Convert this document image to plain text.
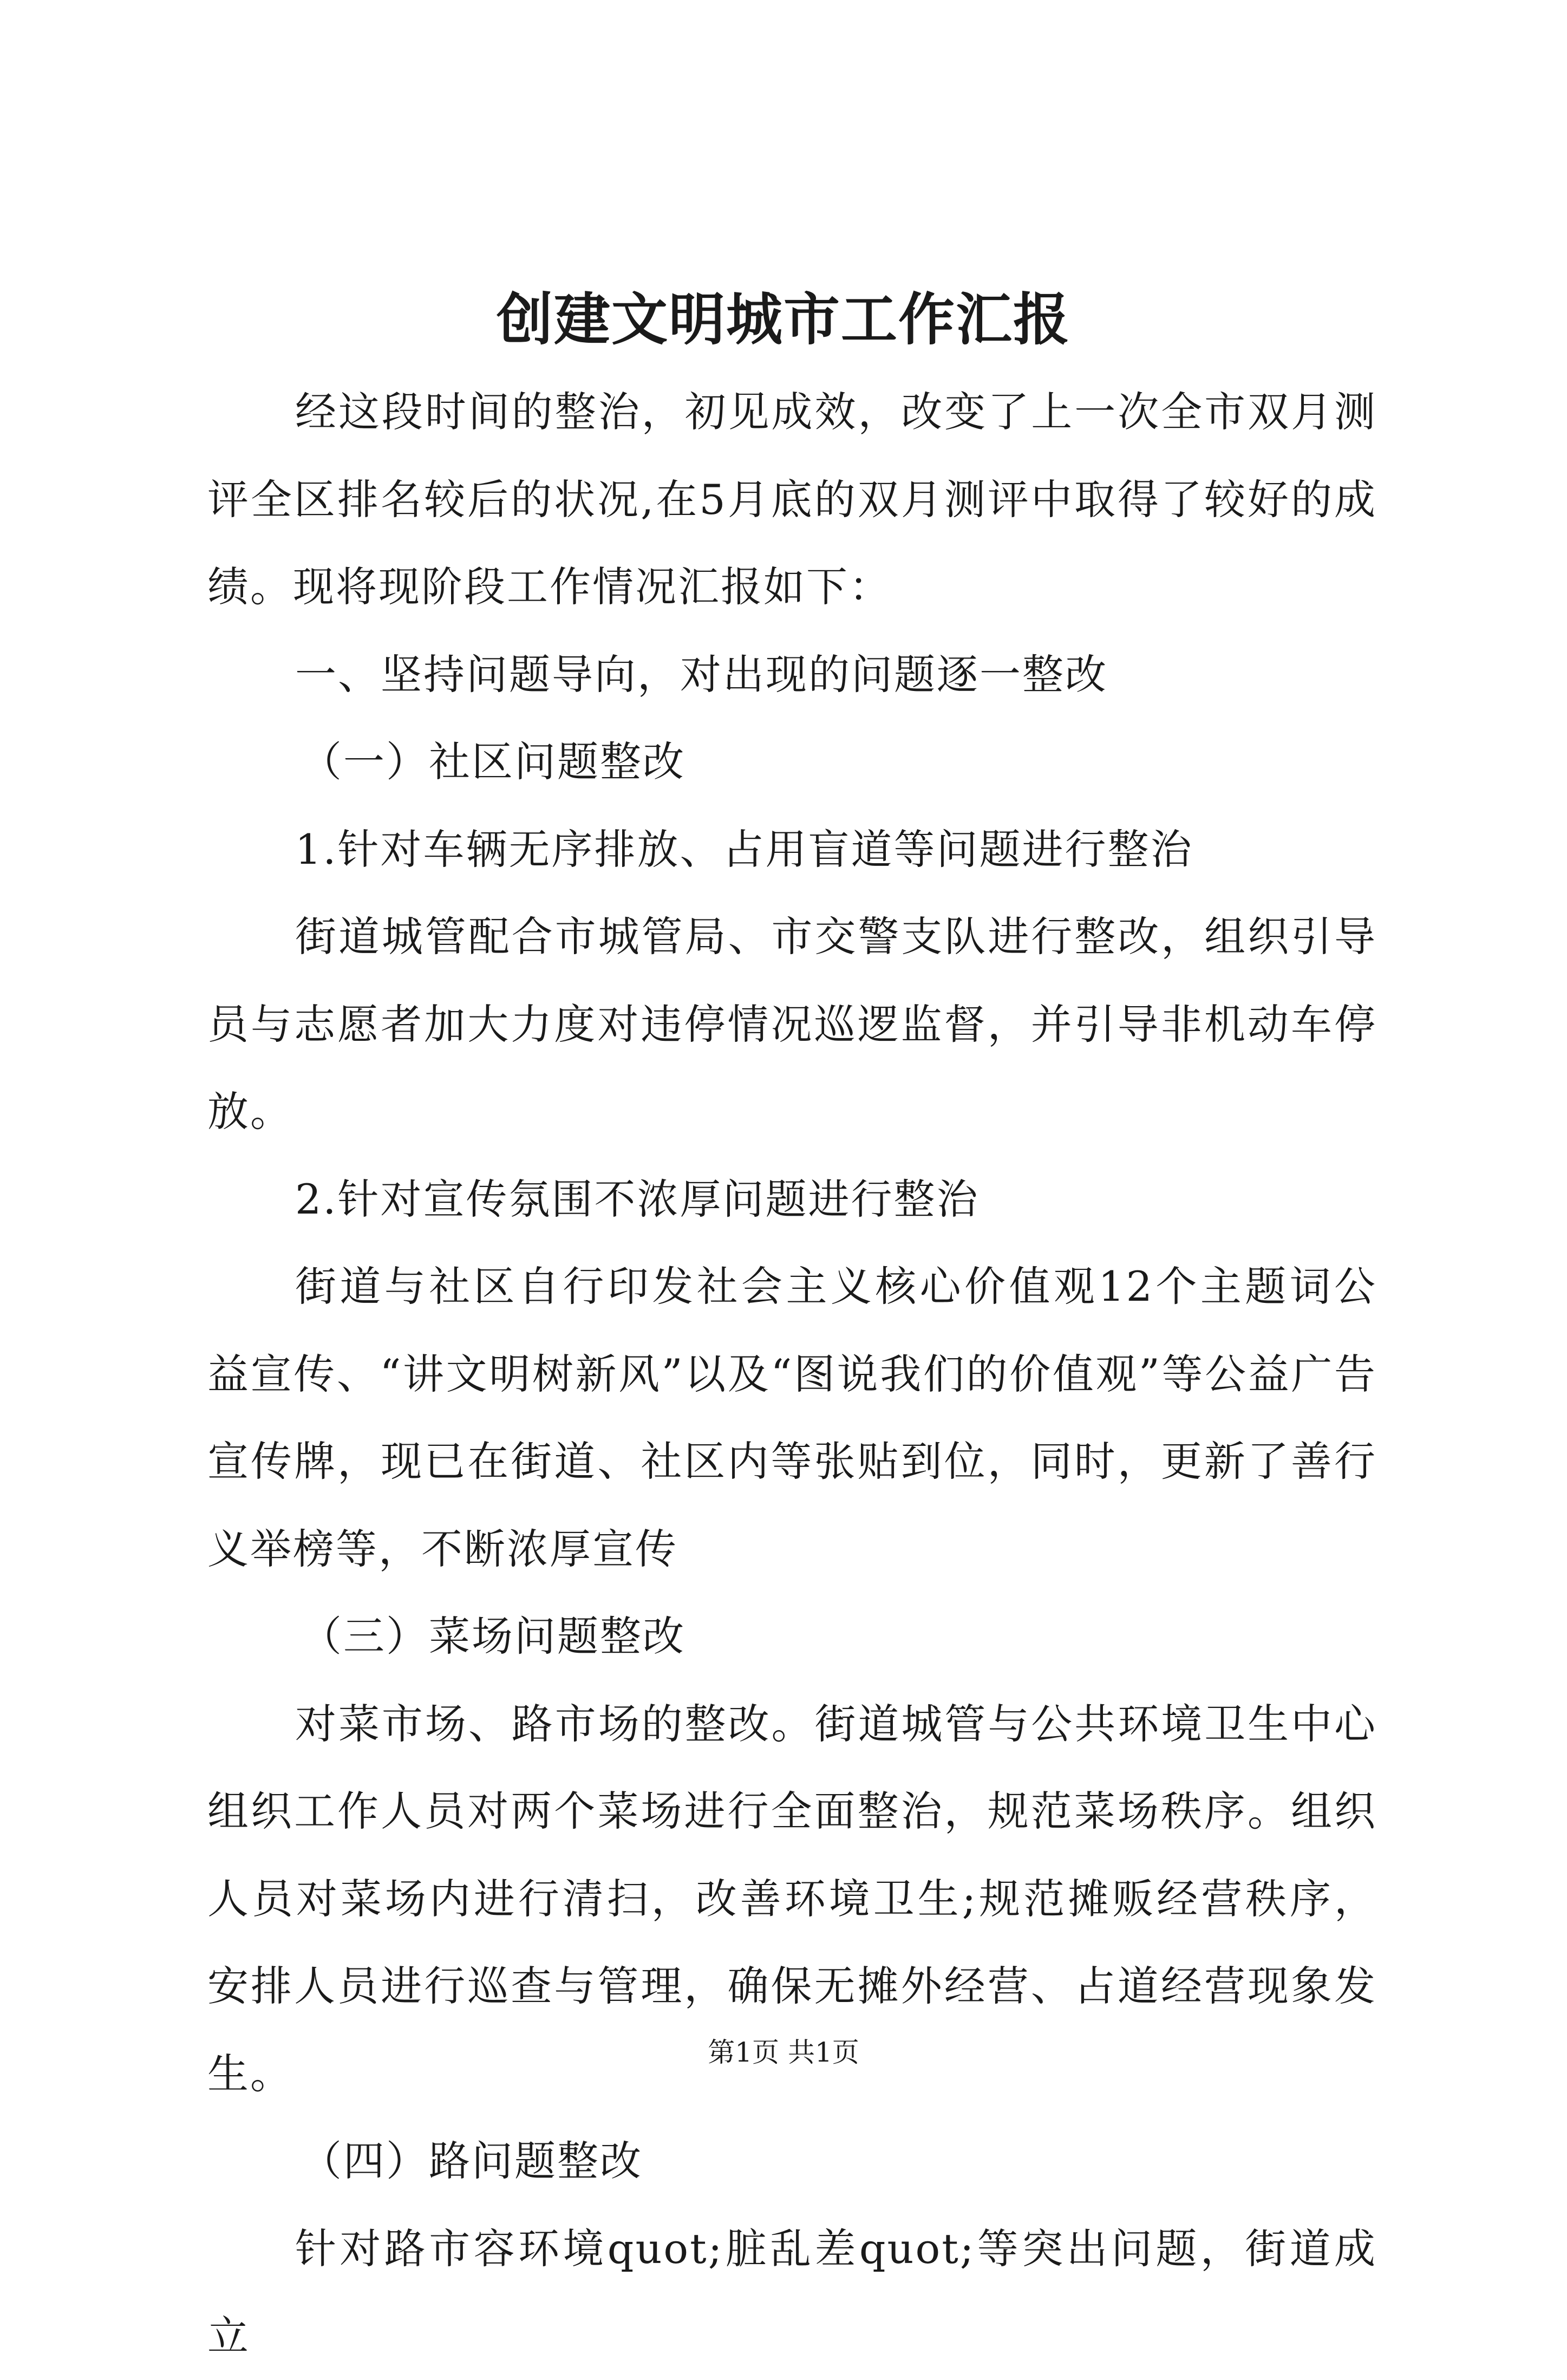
创建文明城市工作汇报

经这段时间的整治，初见成效，改变了上一次全市双月测评全区排名较后的状况,在5月底的双月测评中取得了较好的成绩。现将现阶段工作情况汇报如下：

一、坚持问题导向，对出现的问题逐一整改

（一）社区问题整改

1.针对车辆无序排放、占用盲道等问题进行整治

街道城管配合市城管局、市交警支队进行整改，组织引导员与志愿者加大力度对违停情况巡逻监督，并引导非机动车停放。

2.针对宣传氛围不浓厚问题进行整治

街道与社区自行印发社会主义核心价值观12个主题词公益宣传、“讲文明树新风”以及“图说我们的价值观”等公益广告宣传牌，现已在街道、社区内等张贴到位，同时，更新了善行义举榜等，不断浓厚宣传

（三）菜场问题整改

对菜市场、路市场的整改。街道城管与公共环境卫生中心组织工作人员对两个菜场进行全面整治，规范菜场秩序。组织人员对菜场内进行清扫，改善环境卫生;规范摊贩经营秩序，安排人员进行巡查与管理，确保无摊外经营、占道经营现象发生。

（四）路问题整改

针对路市容环境quot;脏乱差quot;等突出问题，街道成立

第1页 共1页
